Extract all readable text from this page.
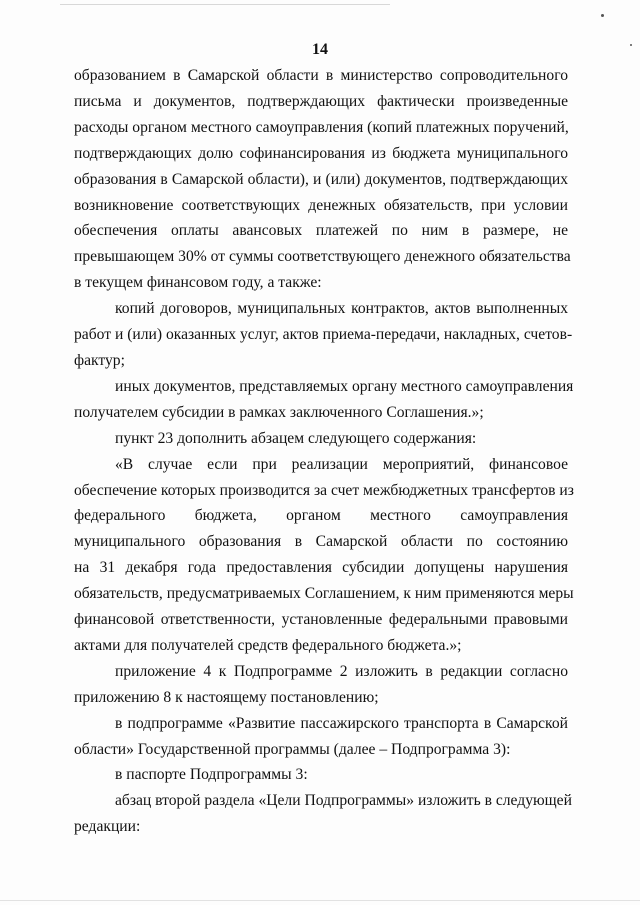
14

образованием в Самарской области в министерство сопроводительного
письма и документов, подтверждающих фактически произведенные
расходы органом местного самоуправления (копий платежных поручений,
подтверждающих долю софинансирования из бюджета муниципального
образования в Самарской области), и (или) документов, подтверждающих
возникновение соответствующих денежных обязательств, при условии
обеспечения оплаты авансовых платежей по ним в размере, не
превышающем 30% от суммы соответствующего денежного обязательства
в текущем финансовом году, а также:

копий договоров, муниципальных контрактов, актов выполненных
работ и (или) оказанных услуг, актов приема-передачи, накладных, счетов-
фактур;

иных документов, представляемых органу местного самоуправления
получателем субсидии в рамках заключенного Соглашения.»;

пункт 23 дополнить абзацем следующего содержания:

«В случае если при реализации мероприятий, финансовое
обеспечение которых производится за счет межбюджетных трансфертов из
федерального бюджета, органом местного самоуправления
муниципального образования в Самарской области по состоянию
на 31 декабря года предоставления субсидии допущены нарушения
обязательств, предусматриваемых Соглашением, к ним применяются меры
финансовой ответственности, установленные федеральными правовыми
актами для получателей средств федерального бюджета.»;

приложение 4 к Подпрограмме 2 изложить в редакции согласно
приложению 8 к настоящему постановлению;

в подпрограмме «Развитие пассажирского транспорта в Самарской
области» Государственной программы (далее – Подпрограмма 3):

в паспорте Подпрограммы 3:

абзац второй раздела «Цели Подпрограммы» изложить в следующей
редакции:
